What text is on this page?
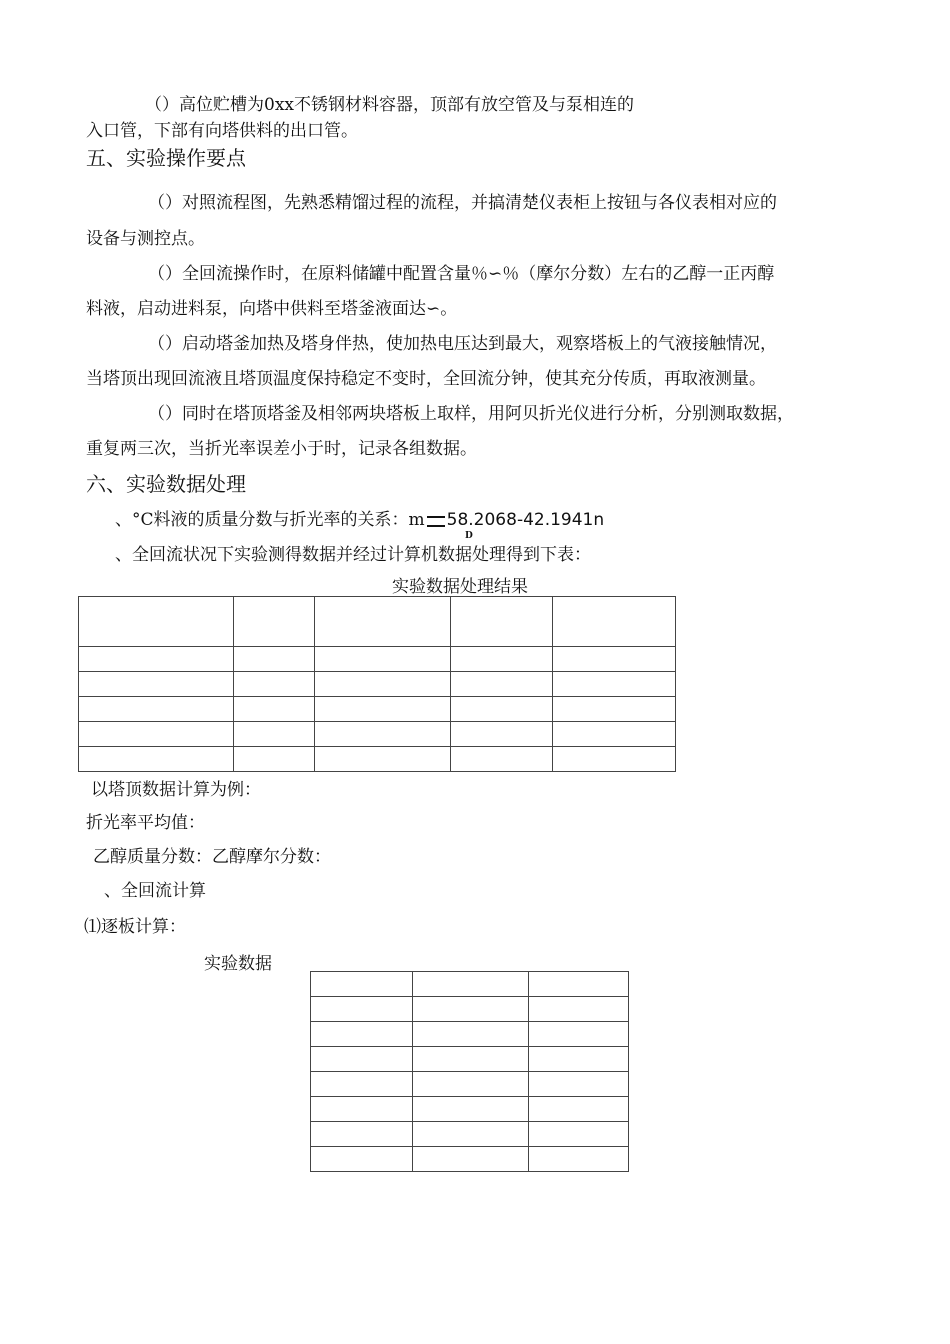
（）高位贮槽为0xx不锈钢材料容器，顶部有放空管及与泵相连的
入口管，下部有向塔供料的出口管。
五、实验操作要点
（）对照流程图，先熟悉精馏过程的流程，并搞清楚仪表柜上按钮与各仪表相对应的
设备与测控点。
（）全回流操作时，在原料储罐中配置含量％∽％（摩尔分数）左右的乙醇一正丙醇
料液，启动进料泵，向塔中供料至塔釜液面达∽。
（）启动塔釜加热及塔身伴热，使加热电压达到最大，观察塔板上的气液接触情况，
当塔顶出现回流液且塔顶温度保持稳定不变时，全回流分钟，使其充分传质，再取液测量。
（）同时在塔顶塔釜及相邻两块塔板上取样，用阿贝折光仪进行分析，分别测取数据，
重复两三次，当折光率误差小于时，记录各组数据。
六、实验数据处理
、°C料液的质量分数与折光率的关系：m 58.2068-42.1941n
D
、全回流状况下实验测得数据并经过计算机数据处理得到下表：
实验数据处理结果

以塔顶数据计算为例：
折光率平均值：
乙醇质量分数：乙醇摩尔分数：
、全回流计算
⑴逐板计算：
实验数据
